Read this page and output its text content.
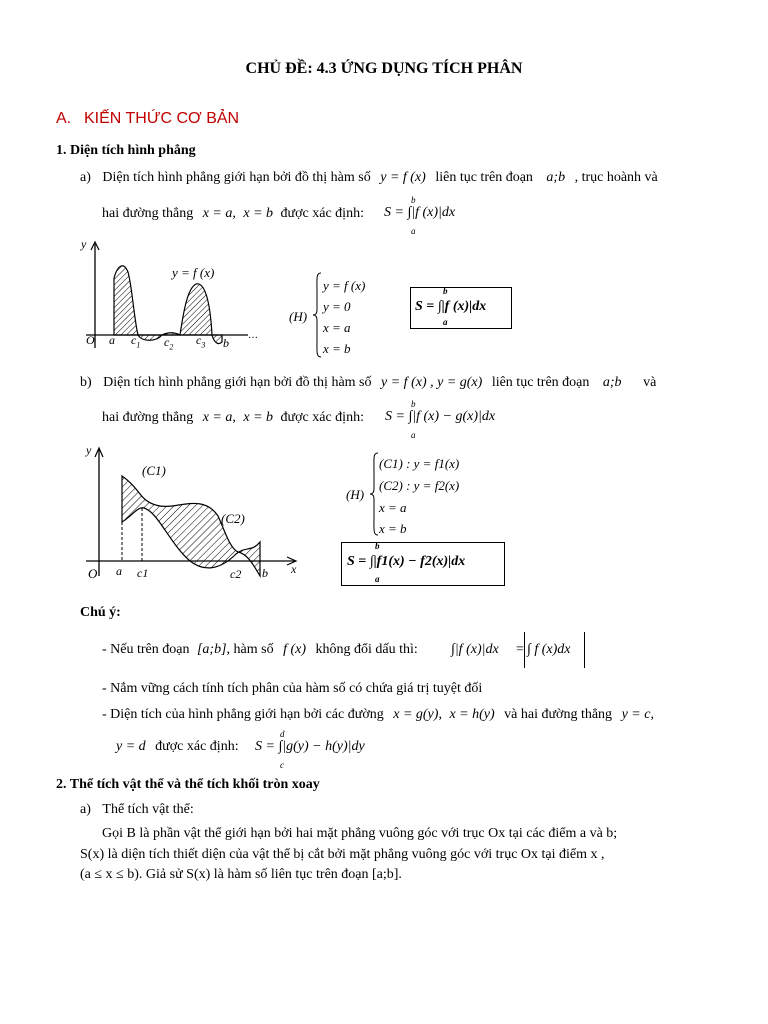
CHỦ ĐỀ: 4.3 ỨNG DỤNG TÍCH PHÂN
A. KIẾN THỨC CƠ BẢN
1. Diện tích hình phẳng
a) Diện tích hình phẳng giới hạn bởi đồ thị hàm số y = f (x) liên tục trên đoạn a;b , trục hoành và
hai đường thẳng x = a, x = b được xác định: S = ∫|f (x)|dx
b
a
…
y
y = f (x)
O a $c_1$ $c_2$ $c_3$ b
(H)
y = f (x)
y = 0
x = a
x = b
S = ∫|f (x)|dx
b
a
b) Diện tích hình phẳng giới hạn bởi đồ thị hàm số y = f (x) , y = g(x) liên tục trên đoạn a;b và
hai đường thẳng x = a, x = b được xác định: S = ∫|f (x) − g(x)|dx
b
a
y
x
(C1)
(C2)
O a c1	c2 b
(H)
(C1) : y = f1(x)
(C2) : y = f2(x)
x = a
x = b
S = ∫|f1(x) − f2(x)|dx
b
a
Chú ý:
- Nếu trên đoạn [a;b], hàm số f (x) không đổi dấu thì: ∫|f (x)|dx = ∫ f (x)dx
- Nắm vững cách tính tích phân của hàm số có chứa giá trị tuyệt đối
- Diện tích của hình phẳng giới hạn bởi các đường x = g(y), x = h(y) và hai đường thẳng y = c,
y = d được xác định: S = ∫|g(y) − h(y)|dy
d
c
2. Thể tích vật thể và thể tích khối tròn xoay
a) Thể tích vật thể:
Gọi B là phần vật thể giới hạn bởi hai mặt phẳng vuông góc với trục Ox tại các điểm a và b;
S(x) là diện tích thiết diện của vật thể bị cắt bởi mặt phẳng vuông góc với trục Ox tại điểm x ,
(a ≤ x ≤ b). Giả sử S(x) là hàm số liên tục trên đoạn [a;b].
